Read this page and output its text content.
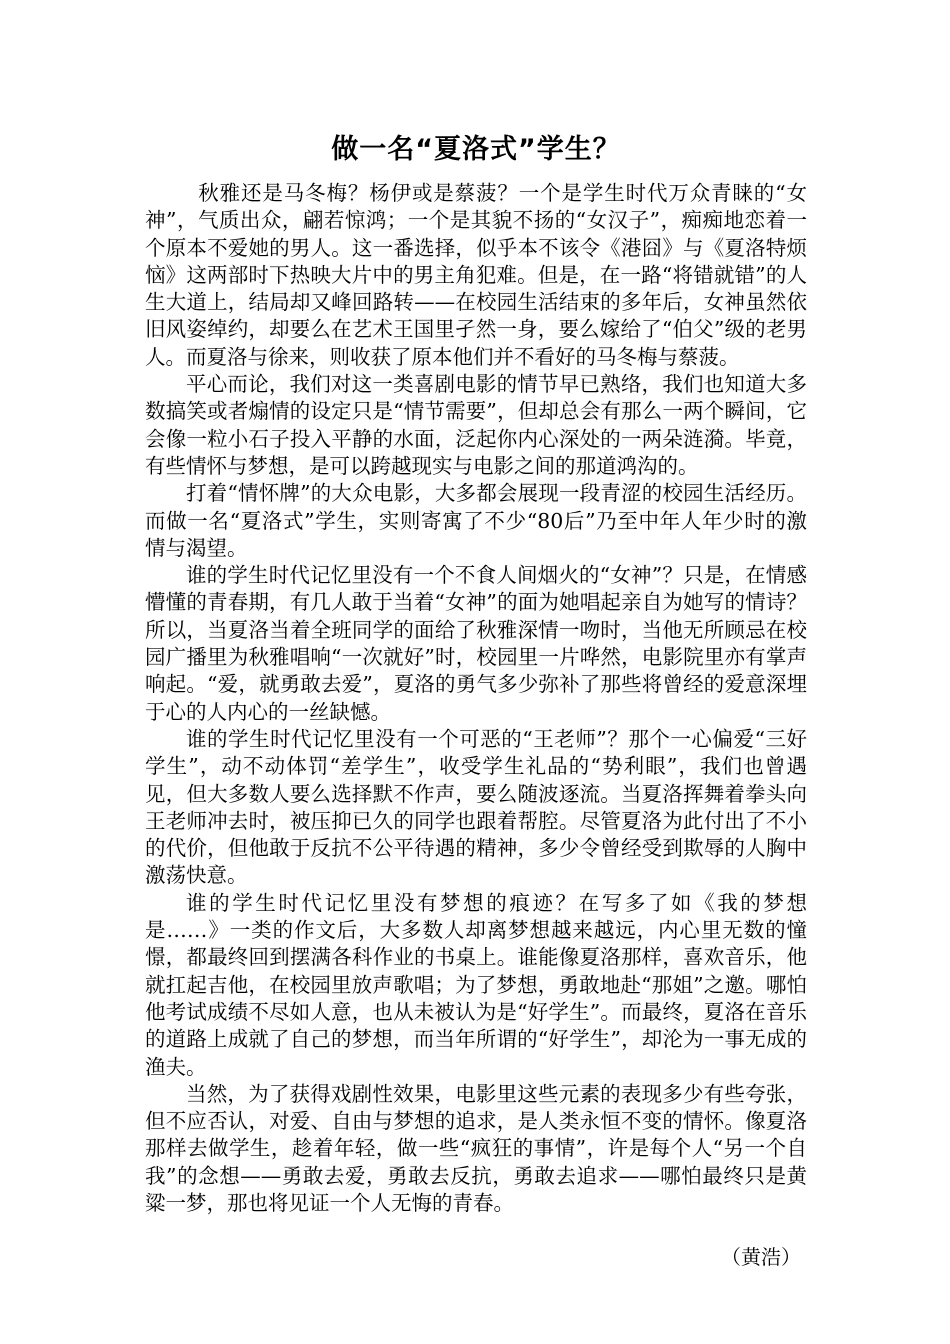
做一名“夏洛式”学生？

秋雅还是马冬梅？杨伊或是蔡菠？一个是学生时代万众青睐的“女神”，气质出众，翩若惊鸿；一个是其貌不扬的“女汉子”，痴痴地恋着一个原本不爱她的男人。这一番选择，似乎本不该令《港囧》与《夏洛特烦恼》这两部时下热映大片中的男主角犯难。但是，在一路“将错就错”的人生大道上，结局却又峰回路转——在校园生活结束的多年后，女神虽然依旧风姿绰约，却要么在艺术王国里孑然一身，要么嫁给了“伯父”级的老男人。而夏洛与徐来，则收获了原本他们并不看好的马冬梅与蔡菠。

平心而论，我们对这一类喜剧电影的情节早已熟络，我们也知道大多数搞笑或者煽情的设定只是“情节需要”，但却总会有那么一两个瞬间，它会像一粒小石子投入平静的水面，泛起你内心深处的一两朵涟漪。毕竟，有些情怀与梦想，是可以跨越现实与电影之间的那道鸿沟的。

打着“情怀牌”的大众电影，大多都会展现一段青涩的校园生活经历。而做一名“夏洛式”学生，实则寄寓了不少“80后”乃至中年人年少时的激情与渴望。

谁的学生时代记忆里没有一个不食人间烟火的“女神”？只是，在情感懵懂的青春期，有几人敢于当着“女神”的面为她唱起亲自为她写的情诗？所以，当夏洛当着全班同学的面给了秋雅深情一吻时，当他无所顾忌在校园广播里为秋雅唱响“一次就好”时，校园里一片哗然，电影院里亦有掌声响起。“爱，就勇敢去爱”，夏洛的勇气多少弥补了那些将曾经的爱意深埋于心的人内心的一丝缺憾。

谁的学生时代记忆里没有一个可恶的“王老师”？那个一心偏爱“三好学生”，动不动体罚“差学生”，收受学生礼品的“势利眼”，我们也曾遇见，但大多数人要么选择默不作声，要么随波逐流。当夏洛挥舞着拳头向王老师冲去时，被压抑已久的同学也跟着帮腔。尽管夏洛为此付出了不小的代价，但他敢于反抗不公平待遇的精神，多少令曾经受到欺辱的人胸中激荡快意。

谁的学生时代记忆里没有梦想的痕迹？在写多了如《我的梦想是……》一类的作文后，大多数人却离梦想越来越远，内心里无数的憧憬，都最终回到摆满各科作业的书桌上。谁能像夏洛那样，喜欢音乐，他就扛起吉他，在校园里放声歌唱；为了梦想，勇敢地赴“那姐”之邀。哪怕他考试成绩不尽如人意，也从未被认为是“好学生”。而最终，夏洛在音乐的道路上成就了自己的梦想，而当年所谓的“好学生”，却沦为一事无成的渔夫。

当然，为了获得戏剧性效果，电影里这些元素的表现多少有些夸张，但不应否认，对爱、自由与梦想的追求，是人类永恒不变的情怀。像夏洛那样去做学生，趁着年轻，做一些“疯狂的事情”，许是每个人“另一个自我”的念想——勇敢去爱，勇敢去反抗，勇敢去追求——哪怕最终只是黄粱一梦，那也将见证一个人无悔的青春。

（黄浩）
